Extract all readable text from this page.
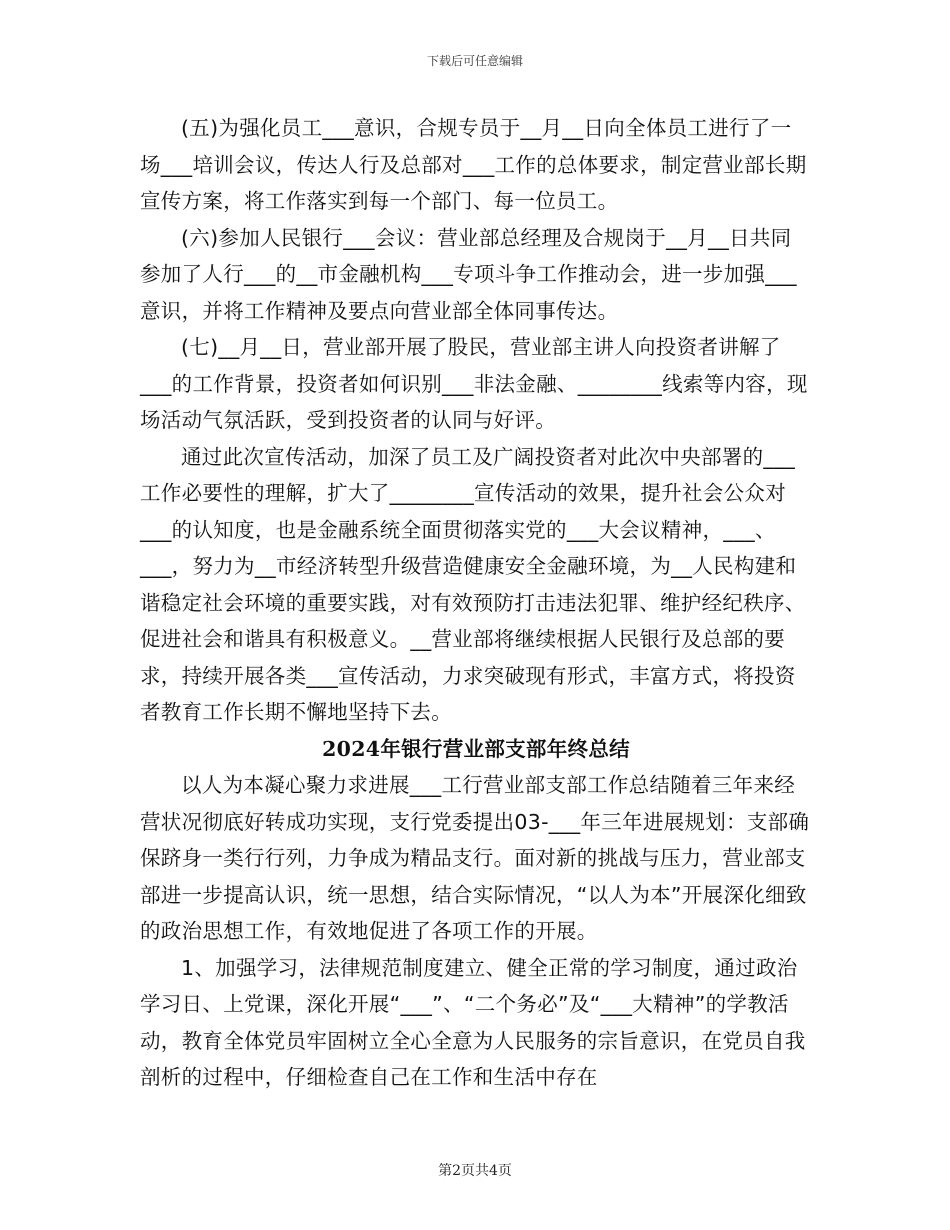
下载后可任意编辑

(五)为强化员工___意识，合规专员于__月__日向全体员工进行了一场___培训会议，传达人行及总部对___工作的总体要求，制定营业部长期宣传方案，将工作落实到每一个部门、每一位员工。

(六)参加人民银行___会议：营业部总经理及合规岗于__月__日共同参加了人行___的__市金融机构___专项斗争工作推动会，进一步加强___意识，并将工作精神及要点向营业部全体同事传达。

(七)__月__日，营业部开展了股民，营业部主讲人向投资者讲解了___的工作背景，投资者如何识别___非法金融、________线索等内容，现场活动气氛活跃，受到投资者的认同与好评。

通过此次宣传活动，加深了员工及广阔投资者对此次中央部署的___工作必要性的理解，扩大了________宣传活动的效果，提升社会公众对___的认知度，也是金融系统全面贯彻落实党的___大会议精神，___、___，努力为__市经济转型升级营造健康安全金融环境，为__人民构建和谐稳定社会环境的重要实践，对有效预防打击违法犯罪、维护经纪秩序、促进社会和谐具有积极意义。__营业部将继续根据人民银行及总部的要求，持续开展各类___宣传活动，力求突破现有形式，丰富方式，将投资者教育工作长期不懈地坚持下去。

2024年银行营业部支部年终总结

以人为本凝心聚力求进展___工行营业部支部工作总结随着三年来经营状况彻底好转成功实现，支行党委提出03-___年三年进展规划：支部确保跻身一类行行列，力争成为精品支行。面对新的挑战与压力，营业部支部进一步提高认识，统一思想，结合实际情况，“以人为本”开展深化细致的政治思想工作，有效地促进了各项工作的开展。

1、加强学习，法律规范制度建立、健全正常的学习制度，通过政治学习日、上党课，深化开展“___”、“二个务必”及“___大精神”的学教活动，教育全体党员牢固树立全心全意为人民服务的宗旨意识，在党员自我剖析的过程中，仔细检查自己在工作和生活中存在

第2页共4页
